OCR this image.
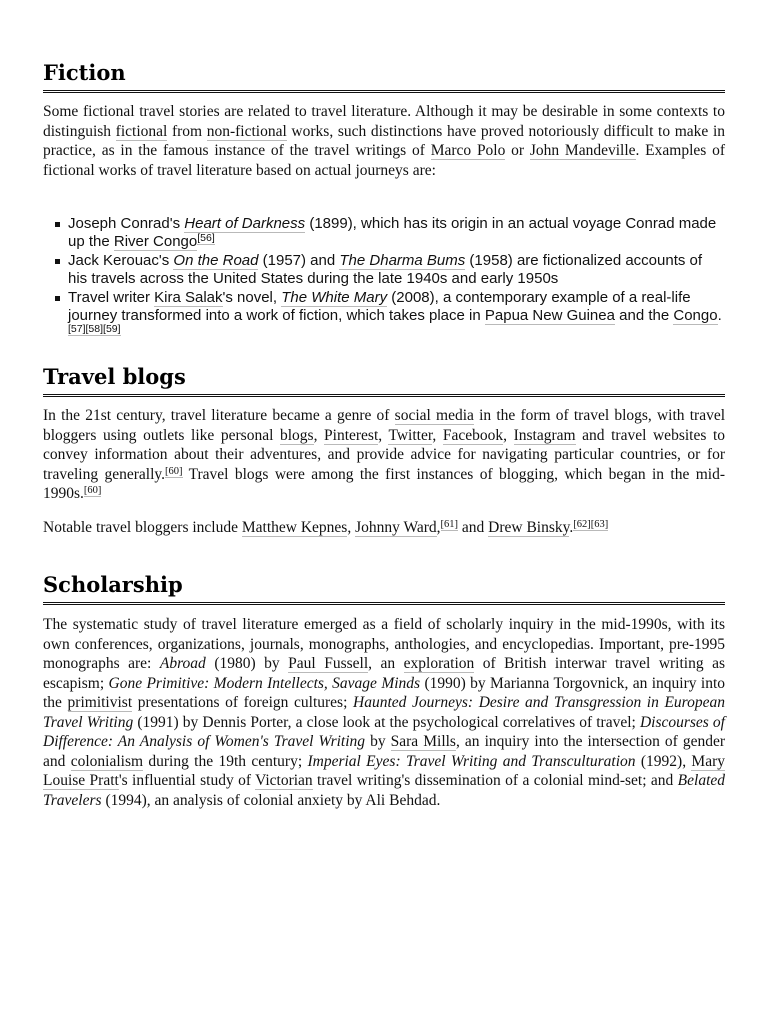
Fiction

Some fictional travel stories are related to travel literature. Although it may be desirable in some contexts to distinguish fictional from non-fictional works, such distinctions have proved notoriously difficult to make in practice, as in the famous instance of the travel writings of Marco Polo or John Mandeville. Examples of fictional works of travel literature based on actual journeys are:

Joseph Conrad's Heart of Darkness (1899), which has its origin in an actual voyage Conrad made up the River Congo[56]
Jack Kerouac's On the Road (1957) and The Dharma Bums (1958) are fictionalized accounts of his travels across the United States during the late 1940s and early 1950s
Travel writer Kira Salak's novel, The White Mary (2008), a contemporary example of a real-life journey transformed into a work of fiction, which takes place in Papua New Guinea and the Congo.[57][58][59]
Travel blogs

In the 21st century, travel literature became a genre of social media in the form of travel blogs, with travel bloggers using outlets like personal blogs, Pinterest, Twitter, Facebook, Instagram and travel websites to convey information about their adventures, and provide advice for navigating particular countries, or for traveling generally.[60] Travel blogs were among the first instances of blogging, which began in the mid-1990s.[60]

Notable travel bloggers include Matthew Kepnes, Johnny Ward,[61] and Drew Binsky.[62][63]

Scholarship

The systematic study of travel literature emerged as a field of scholarly inquiry in the mid-1990s, with its own conferences, organizations, journals, monographs, anthologies, and encyclopedias. Important, pre-1995 monographs are: Abroad (1980) by Paul Fussell, an exploration of British interwar travel writing as escapism; Gone Primitive: Modern Intellects, Savage Minds (1990) by Marianna Torgovnick, an inquiry into the primitivist presentations of foreign cultures; Haunted Journeys: Desire and Transgression in European Travel Writing (1991) by Dennis Porter, a close look at the psychological correlatives of travel; Discourses of Difference: An Analysis of Women's Travel Writing by Sara Mills, an inquiry into the intersection of gender and colonialism during the 19th century; Imperial Eyes: Travel Writing and Transculturation (1992), Mary Louise Pratt's influential study of Victorian travel writing's dissemination of a colonial mind-set; and Belated Travelers (1994), an analysis of colonial anxiety by Ali Behdad.
